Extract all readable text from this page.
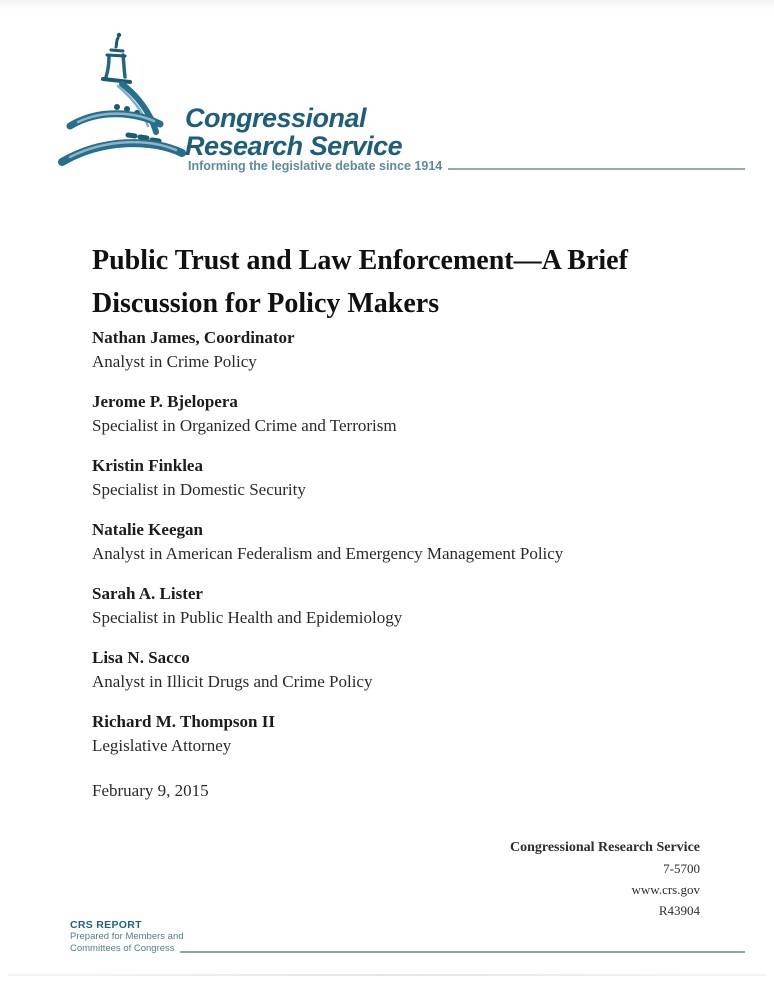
Congressional
Research Service
Informing the legislative debate since 1914
Public Trust and Law Enforcement—A Brief
Discussion for Policy Makers
Nathan James, Coordinator
Analyst in Crime Policy
Jerome P. Bjelopera
Specialist in Organized Crime and Terrorism
Kristin Finklea
Specialist in Domestic Security
Natalie Keegan
Analyst in American Federalism and Emergency Management Policy
Sarah A. Lister
Specialist in Public Health and Epidemiology
Lisa N. Sacco
Analyst in Illicit Drugs and Crime Policy
Richard M. Thompson II
Legislative Attorney
February 9, 2015
Congressional Research Service
7-5700
www.crs.gov
R43904
CRS REPORT
Prepared for Members and
Committees of Congress
